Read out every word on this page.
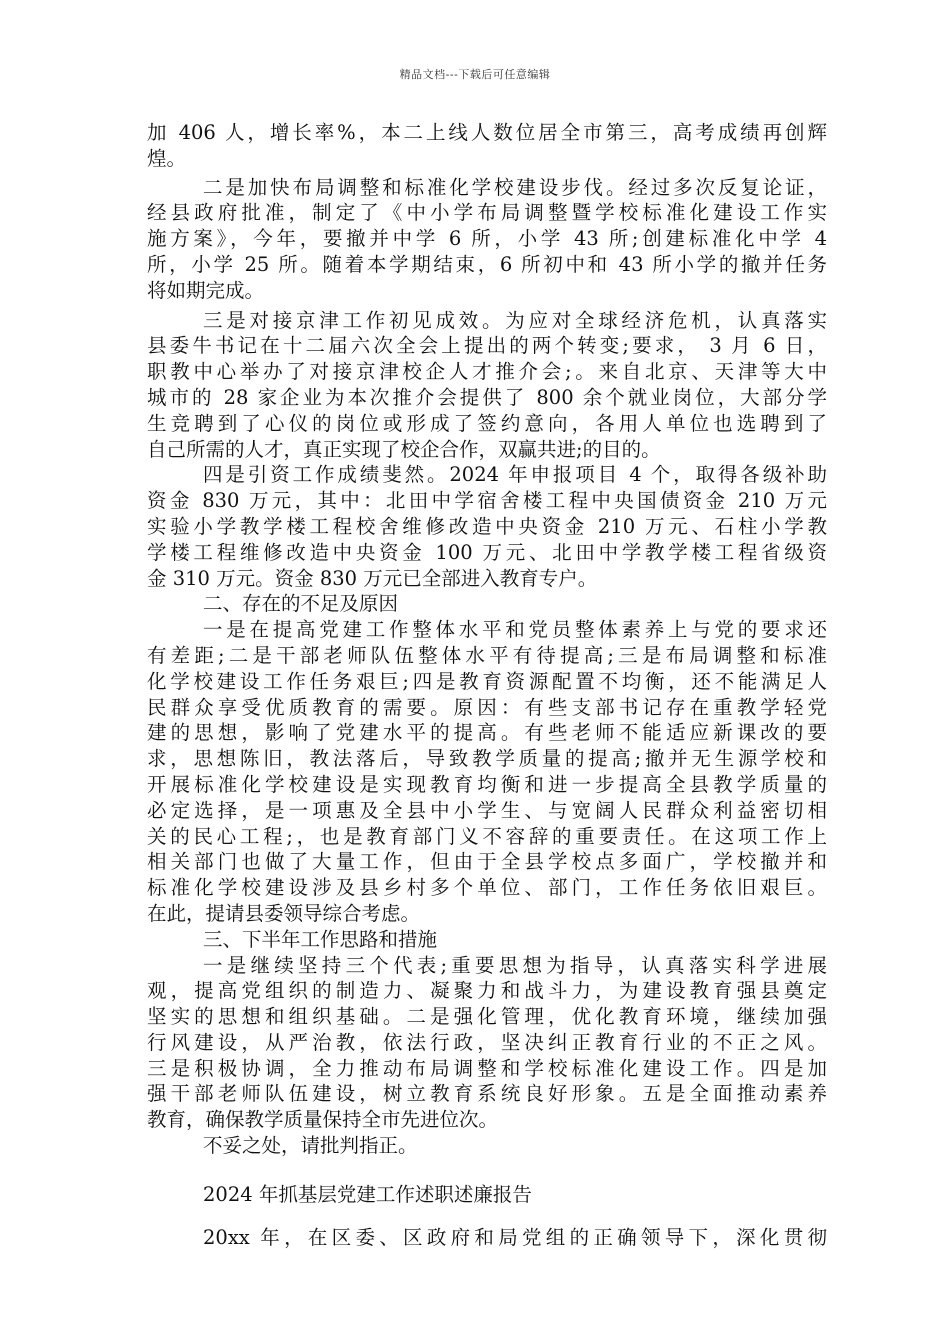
精品文档---下载后可任意编辑
加 406 人，增长率%，本二上线人数位居全市第三，高考成绩再创辉
煌。
二是加快布局调整和标准化学校建设步伐。经过多次反复论证，
经县政府批准，制定了《中小学布局调整暨学校标准化建设工作实
施方案》，今年，要撤并中学 6 所，小学 43 所;创建标准化中学 4
所，小学 25 所。随着本学期结束，6 所初中和 43 所小学的撤并任务
将如期完成。
三是对接京津工作初见成效。为应对全球经济危机，认真落实
县委牛书记在十二届六次全会上提出的两个转变;要求， 3 月 6 日，
职教中心举办了对接京津校企人才推介会;。来自北京、天津等大中
城市的 28 家企业为本次推介会提供了 800 余个就业岗位，大部分学
生竞聘到了心仪的岗位或形成了签约意向，各用人单位也选聘到了
自己所需的人才，真正实现了校企合作，双赢共进;的目的。
四是引资工作成绩斐然。2024 年申报项目 4 个，取得各级补助
资金 830 万元，其中：北田中学宿舍楼工程中央国债资金 210 万元
实验小学教学楼工程校舍维修改造中央资金 210 万元、石柱小学教
学楼工程维修改造中央资金 100 万元、北田中学教学楼工程省级资
金 310 万元。资金 830 万元已全部进入教育专户。
二、存在的不足及原因
一是在提高党建工作整体水平和党员整体素养上与党的要求还
有差距;二是干部老师队伍整体水平有待提高;三是布局调整和标准
化学校建设工作任务艰巨;四是教育资源配置不均衡，还不能满足人
民群众享受优质教育的需要。原因：有些支部书记存在重教学轻党
建的思想，影响了党建水平的提高。有些老师不能适应新课改的要
求，思想陈旧，教法落后，导致教学质量的提高;撤并无生源学校和
开展标准化学校建设是实现教育均衡和进一步提高全县教学质量的
必定选择，是一项惠及全县中小学生、与宽阔人民群众利益密切相
关的民心工程;，也是教育部门义不容辞的重要责任。在这项工作上
相关部门也做了大量工作，但由于全县学校点多面广，学校撤并和
标准化学校建设涉及县乡村多个单位、部门，工作任务依旧艰巨。
在此，提请县委领导综合考虑。
三、下半年工作思路和措施
一是继续坚持三个代表;重要思想为指导，认真落实科学进展
观，提高党组织的制造力、凝聚力和战斗力，为建设教育强县奠定
坚实的思想和组织基础。二是强化管理，优化教育环境，继续加强
行风建设，从严治教，依法行政，坚决纠正教育行业的不正之风。
三是积极协调，全力推动布局调整和学校标准化建设工作。四是加
强干部老师队伍建设，树立教育系统良好形象。五是全面推动素养
教育，确保教学质量保持全市先进位次。
不妥之处，请批判指正。
2024 年抓基层党建工作述职述廉报告
20xx 年，在区委、区政府和局党组的正确领导下，深化贯彻
